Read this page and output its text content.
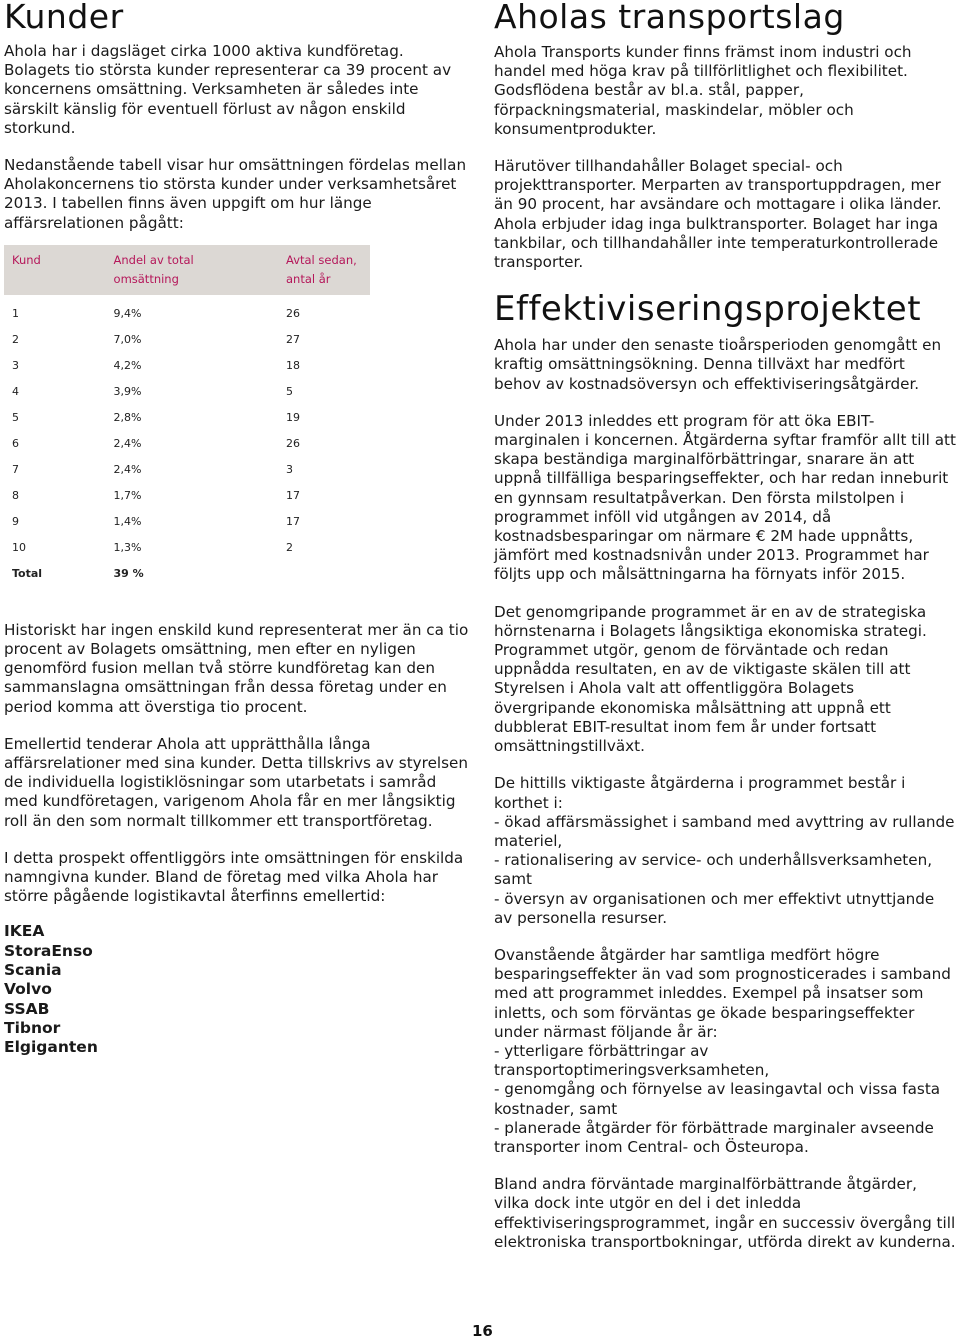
Kunder

Ahola har i dagsläget cirka 1000 aktiva kundföretag. Bolagets tio största kunder representerar ca 39 procent av koncernens omsättning. Verksamheten är således inte särskilt känslig för eventuell förlust av någon enskild storkund.

Nedanstående tabell visar hur omsättningen fördelas mellan Aholakoncernens tio största kunder under verksamhetsåret 2013. I tabellen finns även uppgift om hur länge affärsrelationen pågått:

Kund	Andel av total omsättning	Avtal sedan, antal år

1	9,4%	26
2	7,0%	27
3	4,2%	18
4	3,9%	5
5	2,8%	19
6	2,4%	26
7	2,4%	3
8	1,7%	17
9	1,4%	17
10	1,3%	2
Total	39 %	

Historiskt har ingen enskild kund representerat mer än ca tio procent av Bolagets omsättning, men efter en nyligen genomförd fusion mellan två större kundföretag kan den sammanslagna omsättningan från dessa företag under en period komma att överstiga tio procent.

Emellertid tenderar Ahola att upprätthålla långa affärsrelationer med sina kunder. Detta tillskrivs av styrelsen de individuella logistiklösningar som utarbetats i samråd med kundföretagen, varigenom Ahola får en mer långsiktig roll än den som normalt tillkommer ett transportföretag.

I detta prospekt offentliggörs inte omsättningen för enskilda namngivna kunder. Bland de företag med vilka Ahola har större pågående logistikavtal återfinns emellertid:

IKEA

StoraEnso

Scania

Volvo

SSAB

Tibnor

Elgiganten

Aholas transportslag

Ahola Transports kunder finns främst inom industri och handel med höga krav på tillförlitlighet och flexibilitet. Godsflödena består av bl.a. stål, papper, förpackningsmaterial, maskindelar, möbler och konsumentprodukter.

Härutöver tillhandahåller Bolaget special- och projekttransporter. Merparten av transportuppdragen, mer än 90 procent, har avsändare och mottagare i olika länder. Ahola erbjuder idag inga bulktransporter. Bolaget har inga tankbilar, och tillhandahåller inte temperaturkontrollerade transporter.

Effektiviseringsprojektet

Ahola har under den senaste tioårsperioden genomgått en kraftig omsättningsökning. Denna tillväxt har medfört behov av kostnadsöversyn och effektiviseringsåtgärder.

Under 2013 inleddes ett program för att öka EBIT-marginalen i koncernen. Åtgärderna syftar framför allt till att skapa beständiga marginalförbättringar, snarare än att uppnå tillfälliga besparingseffekter, och har redan inneburit en gynnsam resultatpåverkan. Den första milstolpen i programmet inföll vid utgången av 2014, då kostnadsbesparingar om närmare € 2M hade uppnåtts, jämfört med kostnadsnivån under 2013. Programmet har följts upp och målsättningarna ha förnyats inför 2015.

Det genomgripande programmet är en av de strategiska hörnstenarna i Bolagets långsiktiga ekonomiska strategi. Programmet utgör, genom de förväntade och redan uppnådda resultaten, en av de viktigaste skälen till att Styrelsen i Ahola valt att offentliggöra Bolagets övergripande ekonomiska målsättning att uppnå ett dubblerat EBIT-resultat inom fem år under fortsatt omsättningstillväxt.

De hittills viktigaste åtgärderna i programmet består i korthet i:

- ökad affärsmässighet i samband med avyttring av rullande materiel,

- rationalisering av service- och underhållsverksamheten, samt

- översyn av organisationen och mer effektivt utnyttjande av personella resurser.

Ovanstående åtgärder har samtliga medfört högre besparingseffekter än vad som prognosticerades i samband med att programmet inleddes. Exempel på insatser som inletts, och som förväntas ge ökade besparingseffekter under närmast följande år är:

- ytterligare förbättringar av transportoptimeringsverksamheten,

- genomgång och förnyelse av leasingavtal och vissa fasta kostnader, samt

- planerade åtgärder för förbättrade marginaler avseende transporter inom Central- och Östeuropa.

Bland andra förväntade marginalförbättrande åtgärder, vilka dock inte utgör en del i det inledda effektiviseringsprogrammet, ingår en successiv övergång till elektroniska transportbokningar, utförda direkt av kunderna.

16
